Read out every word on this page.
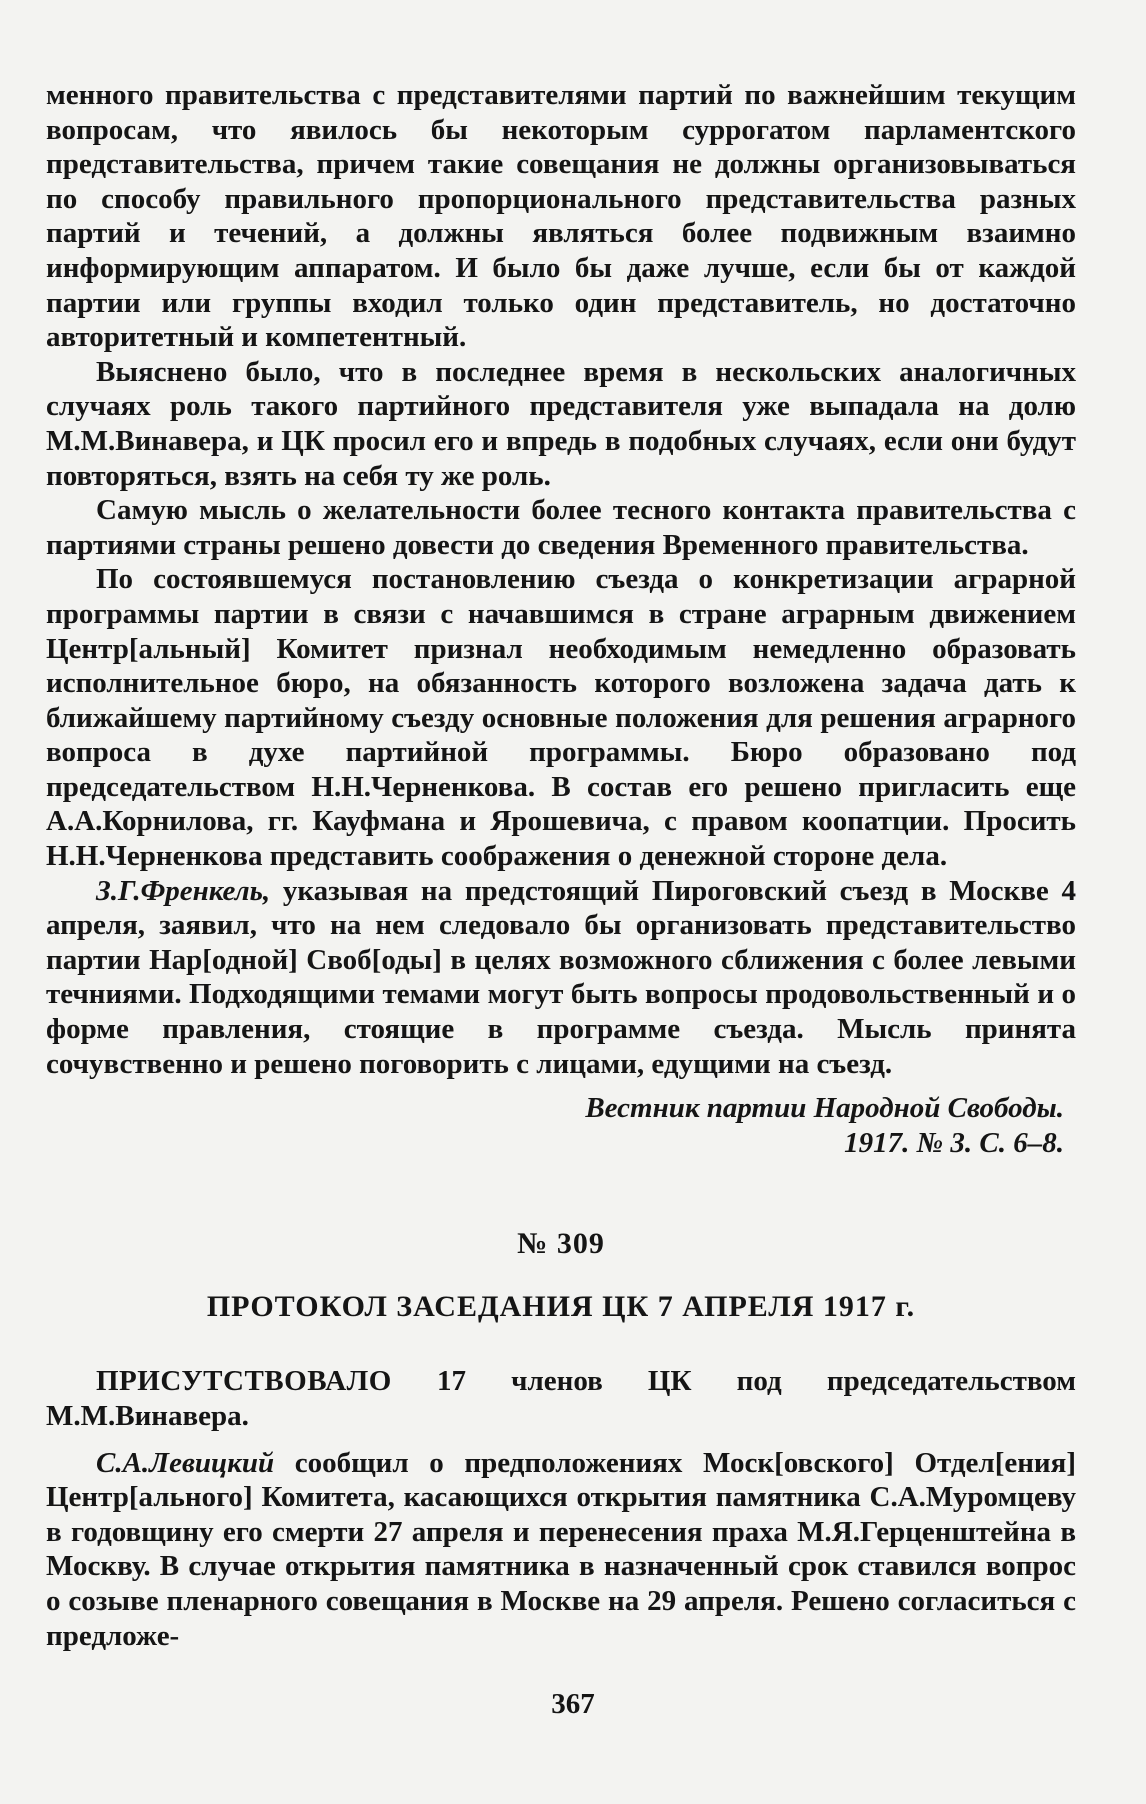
менного правительства с представителями партий по важнейшим текущим вопросам, что явилось бы некоторым суррогатом парламентского представительства, причем такие совещания не должны организовываться по способу правильного пропорционального представительства разных партий и течений, а должны являться более подвижным взаимно информирующим аппаратом. И было бы даже лучше, если бы от каждой партии или группы входил только один представитель, но достаточно авторитетный и компетентный.

Выяснено было, что в последнее время в нескольских аналогичных случаях роль такого партийного представителя уже выпадала на долю М.М.Винавера, и ЦК просил его и впредь в подобных случаях, если они будут повторяться, взять на себя ту же роль.

Самую мысль о желательности более тесного контакта правительства с партиями страны решено довести до сведения Временного правительства.

По состоявшемуся постановлению съезда о конкретизации аграрной программы партии в связи с начавшимся в стране аграрным движением Центр[альный] Комитет признал необходимым немедленно образовать исполнительное бюро, на обязанность которого возложена задача дать к ближайшему партийному съезду основные положения для решения аграрного вопроса в духе партийной программы. Бюро образовано под председательством Н.Н.Черненкова. В состав его решено пригласить еще А.А.Корнилова, гг. Кауфмана и Ярошевича, с правом коопатции. Просить Н.Н.Черненкова представить соображения о денежной стороне дела.

З.Г.Френкель, указывая на предстоящий Пироговский съезд в Москве 4 апреля, заявил, что на нем следовало бы организовать представительство партии Нар[одной] Своб[оды] в целях возможного сближения с более левыми течниями. Подходящими темами могут быть вопросы продовольственный и о форме правления, стоящие в программе съезда. Мысль принята сочувственно и решено поговорить с лицами, едущими на съезд.

Вестник партии Народной Свободы.
1917. № 3. С. 6–8.
№ 309
ПРОТОКОЛ ЗАСЕДАНИЯ ЦК 7 АПРЕЛЯ 1917 г.

ПРИСУТСТВОВАЛО 17 членов ЦК под председательством М.М.Винавера.

С.А.Левицкий сообщил о предположениях Моск[овского] Отдел[ения] Центр[ального] Комитета, касающихся открытия памятника С.А.Муромцеву в годовщину его смерти 27 апреля и перенесения праха М.Я.Герценштейна в Москву. В случае открытия памятника в назначенный срок ставился вопрос о созыве пленарного совещания в Москве на 29 апреля. Решено согласиться с предложе-

367
